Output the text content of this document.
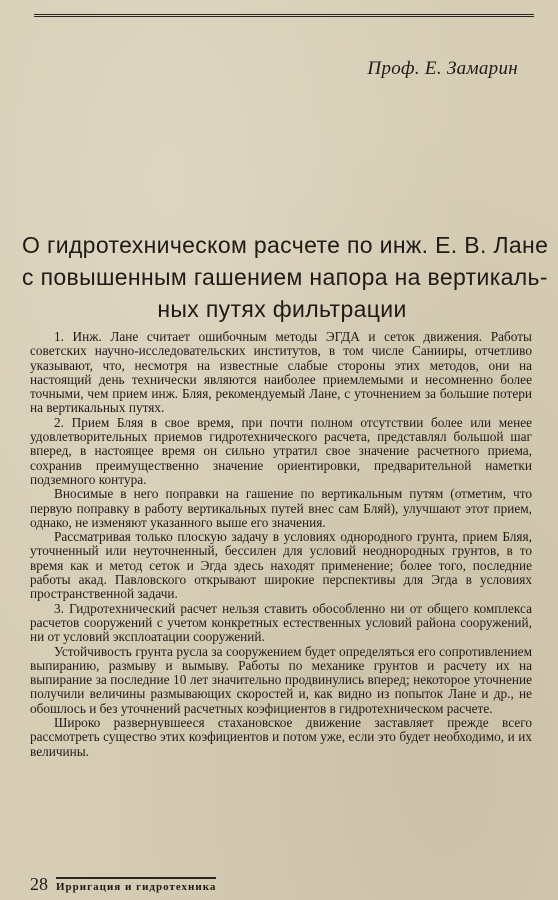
Проф. Е. Замарин
О гидротехническом расчете по инж. Е. В. Лане
с повышенным гашением напора на вертикаль-
ных путях фильтрации

1. Инж. Лане считает ошибочным методы ЭГДА и сеток движения. Работы советских научно-исследовательских институтов, в том числе Санииры, отчетливо указывают, что, несмотря на известные слабые стороны этих методов, они на настоящий день технически являются наиболее приемлемыми и несомненно более точными, чем прием инж. Бляя, рекомендуемый Лане, с уточнением за большие потери на вертикальных путях.

2. Прием Бляя в свое время, при почти полном отсутствии более или менее удовлетворительных приемов гидротехнического расчета, представлял большой шаг вперед, в настоящее время он сильно утратил свое значение расчетного приема, сохранив преимущественно значение ориентировки, предварительной наметки подземного контура.

Вносимые в него поправки на гашение по вертикальным путям (отметим, что первую поправку в работу вертикальных путей внес сам Бляй), улучшают этот прием, однако, не изменяют указанного выше его значения.

Рассматривая только плоскую задачу в условиях однородного грунта, прием Бляя, уточненный или неуточненный, бессилен для условий неоднородных грунтов, в то время как и метод сеток и Эгда здесь находят применение; более того, последние работы акад. Павловского открывают широкие перспективы для Эгда в условиях пространственной задачи.

3. Гидротехнический расчет нельзя ставить обособленно ни от общего комплекса расчетов сооружений с учетом конкретных естественных условий района сооружений, ни от условий эксплоатации сооружений.

Устойчивость грунта русла за сооружением будет определяться его сопротивлением выпиранию, размыву и вымыву. Работы по механике грунтов и расчету их на выпирание за последние 10 лет значительно продвинулись вперед; некоторое уточнение получили величины размывающих скоростей и, как видно из попыток Лане и др., не обошлось и без уточнений расчетных коэфициентов в гидротехническом расчете.

Широко развернувшееся стахановское движение заставляет прежде всего рассмотреть существо этих коэфициентов и потом уже, если это будет необходимо, и их величины.

28 Ирригация и гидротехника
